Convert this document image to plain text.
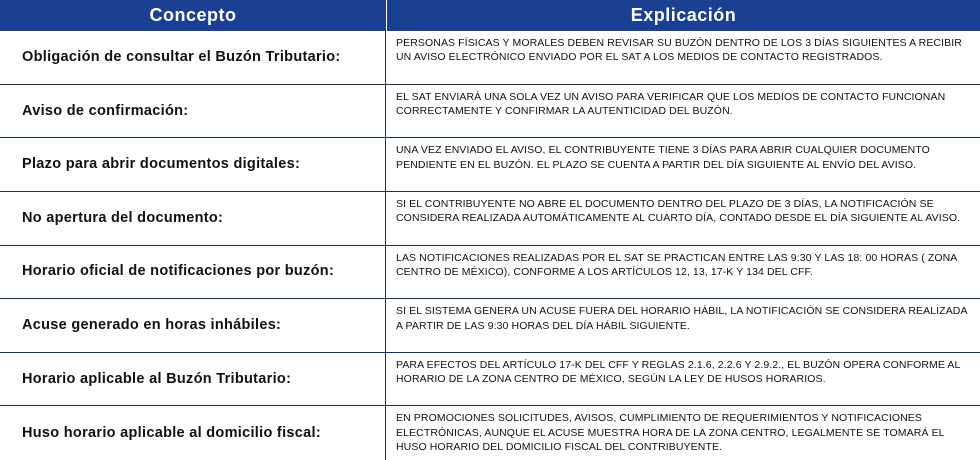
Concepto	Explicación
Obligación de consultar el Buzón Tributario:
PERSONAS FÍSICAS Y MORALES DEBEN REVISAR SU BUZÓN DENTRO DE LOS 3 DÍAS SIGUIENTES A RECIBIR UN AVISO ELECTRÓNICO ENVIADO POR EL SAT A LOS MEDIOS DE CONTACTO REGISTRADOS.
Aviso de confirmación:
EL SAT ENVIARÁ UNA SOLA VEZ UN AVISO PARA VERIFICAR QUE LOS MEDIOS DE CONTACTO FUNCIONAN CORRECTAMENTE Y CONFIRMAR LA AUTENTICIDAD DEL BUZÓN.
Plazo para abrir documentos digitales:
UNA VEZ ENVIADO EL AVISO, EL CONTRIBUYENTE TIENE 3 DÍAS PARA ABRIR CUALQUIER DOCUMENTO PENDIENTE EN EL BUZÓN. EL PLAZO SE CUENTA A PARTIR DEL DÍA SIGUIENTE AL ENVÍO DEL AVISO.
No apertura del documento:
SI EL CONTRIBUYENTE NO ABRE EL DOCUMENTO DENTRO DEL PLAZO DE 3 DÍAS, LA NOTIFICACIÓN SE CONSIDERA REALIZADA AUTOMÁTICAMENTE AL CUARTO DÍA, CONTADO DESDE EL DÍA SIGUIENTE AL AVISO.
Horario oficial de notificaciones por buzón:
LAS NOTIFICACIONES REALIZADAS POR EL SAT SE PRACTICAN ENTRE LAS 9:30 Y LAS 18: 00 HORAS ( ZONA CENTRO DE MÉXICO), CONFORME A LOS ARTÍCULOS 12, 13, 17-K Y 134 DEL CFF.
Acuse generado en horas inhábiles:
SI EL SISTEMA GENERA UN ACUSE FUERA DEL HORARIO HÁBIL, LA NOTIFICACIÓN SE CONSIDERA REALIZADA A PARTIR DE LAS 9:30 HORAS DEL DÍA HÁBIL SIGUIENTE.
Horario aplicable al Buzón Tributario:
PARA EFECTOS DEL ARTÍCULO 17-K DEL CFF Y REGLAS 2.1.6, 2.2.6 Y 2.9.2., EL BUZÓN OPERA CONFORME AL HORARIO DE LA ZONA CENTRO DE MÉXICO, SEGÚN LA LEY DE HUSOS HORARIOS.
Huso horario aplicable al domicilio fiscal:
EN PROMOCIONES SOLICITUDES, AVISOS, CUMPLIMIENTO DE REQUERIMIENTOS Y NOTIFICACIONES ELECTRÓNICAS, AUNQUE EL ACUSE MUESTRA HORA DE LA ZONA CENTRO, LEGALMENTE SE TOMARÁ EL HUSO HORARIO DEL DOMICILIO FISCAL DEL CONTRIBUYENTE.
